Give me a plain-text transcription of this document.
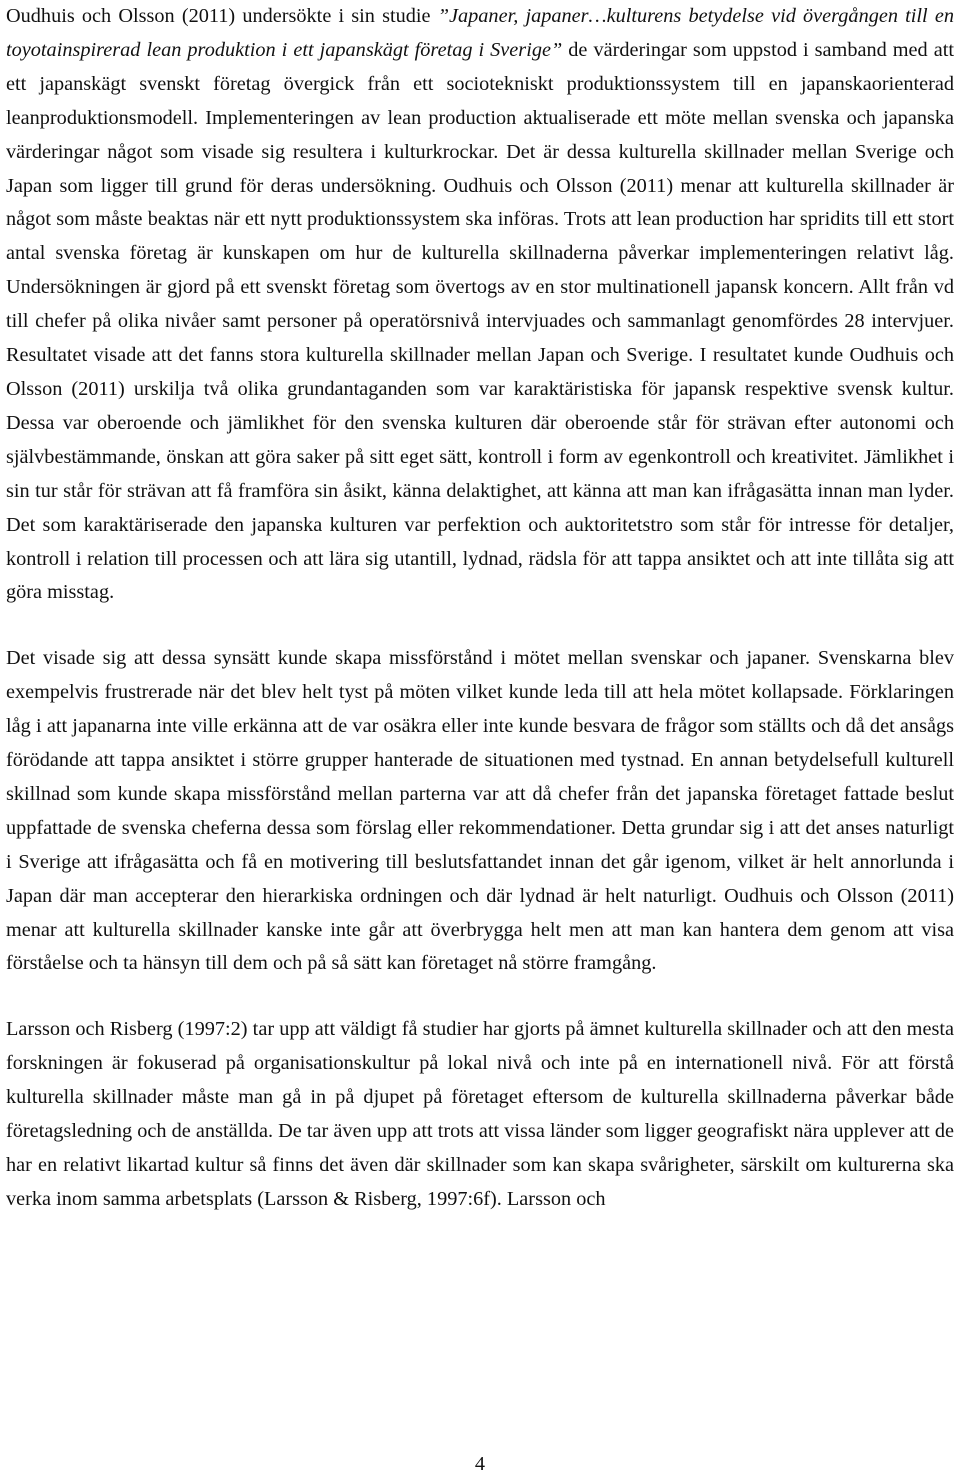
Oudhuis och Olsson (2011) undersökte i sin studie ”Japaner, japaner…kulturens betydelse vid övergången till en toyotainspirerad lean produktion i ett japanskägt företag i Sverige” de värderingar som uppstod i samband med att ett japanskägt svenskt företag övergick från ett sociotekniskt produktionssystem till en japanskaorienterad leanproduktionsmodell. Implementeringen av lean production aktualiserade ett möte mellan svenska och japanska värderingar något som visade sig resultera i kulturkrockar. Det är dessa kulturella skillnader mellan Sverige och Japan som ligger till grund för deras undersökning. Oudhuis och Olsson (2011) menar att kulturella skillnader är något som måste beaktas när ett nytt produktionssystem ska införas. Trots att lean production har spridits till ett stort antal svenska företag är kunskapen om hur de kulturella skillnaderna påverkar implementeringen relativt låg. Undersökningen är gjord på ett svenskt företag som övertogs av en stor multinationell japansk koncern. Allt från vd till chefer på olika nivåer samt personer på operatörsnivå intervjuades och sammanlagt genomfördes 28 intervjuer. Resultatet visade att det fanns stora kulturella skillnader mellan Japan och Sverige. I resultatet kunde Oudhuis och Olsson (2011) urskilja två olika grundantaganden som var karaktäristiska för japansk respektive svensk kultur. Dessa var oberoende och jämlikhet för den svenska kulturen där oberoende står för strävan efter autonomi och självbestämmande, önskan att göra saker på sitt eget sätt, kontroll i form av egenkontroll och kreativitet. Jämlikhet i sin tur står för strävan att få framföra sin åsikt, känna delaktighet, att känna att man kan ifrågasätta innan man lyder. Det som karaktäriserade den japanska kulturen var perfektion och auktoritetstro som står för intresse för detaljer, kontroll i relation till processen och att lära sig utantill, lydnad, rädsla för att tappa ansiktet och att inte tillåta sig att göra misstag.

Det visade sig att dessa synsätt kunde skapa missförstånd i mötet mellan svenskar och japaner. Svenskarna blev exempelvis frustrerade när det blev helt tyst på möten vilket kunde leda till att hela mötet kollapsade. Förklaringen låg i att japanarna inte ville erkänna att de var osäkra eller inte kunde besvara de frågor som ställts och då det ansågs förödande att tappa ansiktet i större grupper hanterade de situationen med tystnad. En annan betydelsefull kulturell skillnad som kunde skapa missförstånd mellan parterna var att då chefer från det japanska företaget fattade beslut uppfattade de svenska cheferna dessa som förslag eller rekommendationer. Detta grundar sig i att det anses naturligt i Sverige att ifrågasätta och få en motivering till beslutsfattandet innan det går igenom, vilket är helt annorlunda i Japan där man accepterar den hierarkiska ordningen och där lydnad är helt naturligt. Oudhuis och Olsson (2011) menar att kulturella skillnader kanske inte går att överbrygga helt men att man kan hantera dem genom att visa förståelse och ta hänsyn till dem och på så sätt kan företaget nå större framgång.

Larsson och Risberg (1997:2) tar upp att väldigt få studier har gjorts på ämnet kulturella skillnader och att den mesta forskningen är fokuserad på organisationskultur på lokal nivå och inte på en internationell nivå. För att förstå kulturella skillnader måste man gå in på djupet på företaget eftersom de kulturella skillnaderna påverkar både företagsledning och de anställda. De tar även upp att trots att vissa länder som ligger geografiskt nära upplever att de har en relativt likartad kultur så finns det även där skillnader som kan skapa svårigheter, särskilt om kulturerna ska verka inom samma arbetsplats (Larsson & Risberg, 1997:6f). Larsson och

4
